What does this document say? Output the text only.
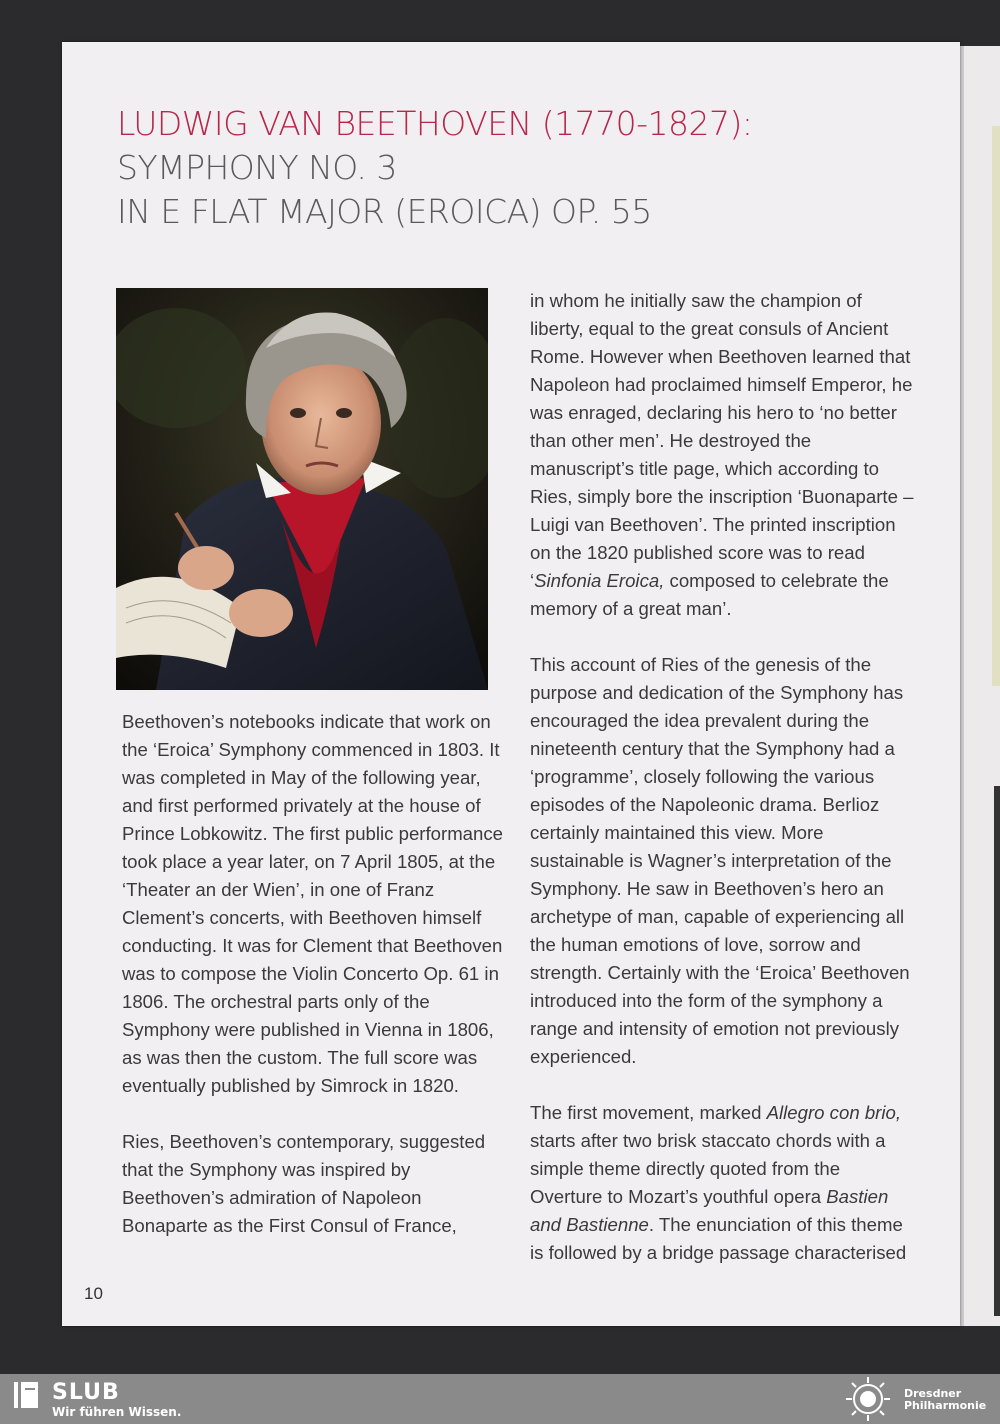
LUDWIG VAN BEETHOVEN (1770-1827):
SYMPHONY NO. 3
IN E FLAT MAJOR (EROICA) OP. 55

Beethoven’s notebooks indicate that work on the ‘Eroica’ Symphony commenced in 1803. It was completed in May of the following year, and first performed privately at the house of Prince Lobkowitz. The first public performance took place a year later, on 7 April 1805, at the ‘Theater an der Wien’, in one of Franz Clement’s concerts, with Beethoven himself conducting. It was for Clement that Beethoven was to compose the Violin Concerto Op. 61 in 1806. The orchestral parts only of the Symphony were published in Vienna in 1806, as was then the custom. The full score was eventually published by Simrock in 1820.

Ries, Beethoven’s contemporary, suggested that the Symphony was inspired by Beethoven’s admiration of Napoleon Bonaparte as the First Consul of France,

in whom he initially saw the champion of liberty, equal to the great consuls of Ancient Rome. However when Beethoven learned that Napoleon had proclaimed himself Emperor, he was enraged, declaring his hero to ‘no better than other men’. He destroyed the manuscript’s title page, which according to Ries, simply bore the inscription ‘Buonaparte – Luigi van Beethoven’. The printed inscription on the 1820 published score was to read ‘Sinfonia Eroica, composed to celebrate the memory of a great man’.

This account of Ries of the genesis of the purpose and dedication of the Symphony has encouraged the idea prevalent during the nineteenth century that the Symphony had a ‘programme’, closely following the various episodes of the Napoleonic drama. Berlioz certainly maintained this view. More sustainable is Wagner’s interpretation of the Symphony. He saw in Beethoven’s hero an archetype of man, capable of experiencing all the human emotions of love, sorrow and strength. Certainly with the ‘Eroica’ Beethoven introduced into the form of the symphony a range and intensity of emotion not previously experienced.

The first movement, marked Allegro con brio, starts after two brisk staccato chords with a simple theme directly quoted from the Overture to Mozart’s youthful opera Bastien and Bastienne. The enunciation of this theme is followed by a bridge passage characterised

10
SLUB
Wir führen Wissen.
Dresdner
Philharmonie
